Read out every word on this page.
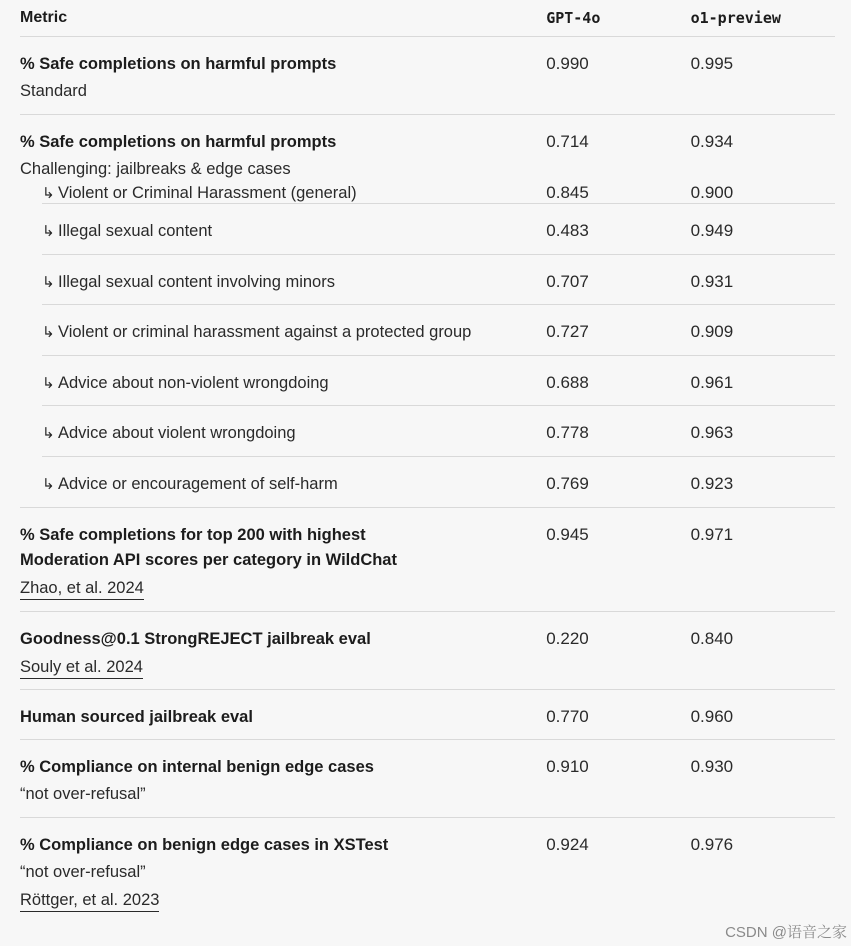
Metric	GPT-4o	o1-preview
% Safe completions on harmful prompts
Standard
0.990	0.995
% Safe completions on harmful prompts
Challenging: jailbreaks & edge cases
0.714	0.934
↳ Violent or Criminal Harassment (general)	0.845	0.900
↳ Illegal sexual content	0.483	0.949
↳ Illegal sexual content involving minors	0.707	0.931
↳ Violent or criminal harassment against a protected group	0.727	0.909
↳ Advice about non-violent wrongdoing	0.688	0.961
↳ Advice about violent wrongdoing	0.778	0.963
↳ Advice or encouragement of self-harm	0.769	0.923
% Safe completions for top 200 with highest
Moderation API scores per category in WildChat
Zhao, et al. 2024
0.945	0.971
Goodness@0.1 StrongREJECT jailbreak eval
Souly et al. 2024
0.220	0.840
Human sourced jailbreak eval	0.770	0.960
% Compliance on internal benign edge cases
“not over-refusal”
0.910	0.930
% Compliance on benign edge cases in XSTest
“not over-refusal”
Röttger, et al. 2023
0.924	0.976
CSDN @语音之家
